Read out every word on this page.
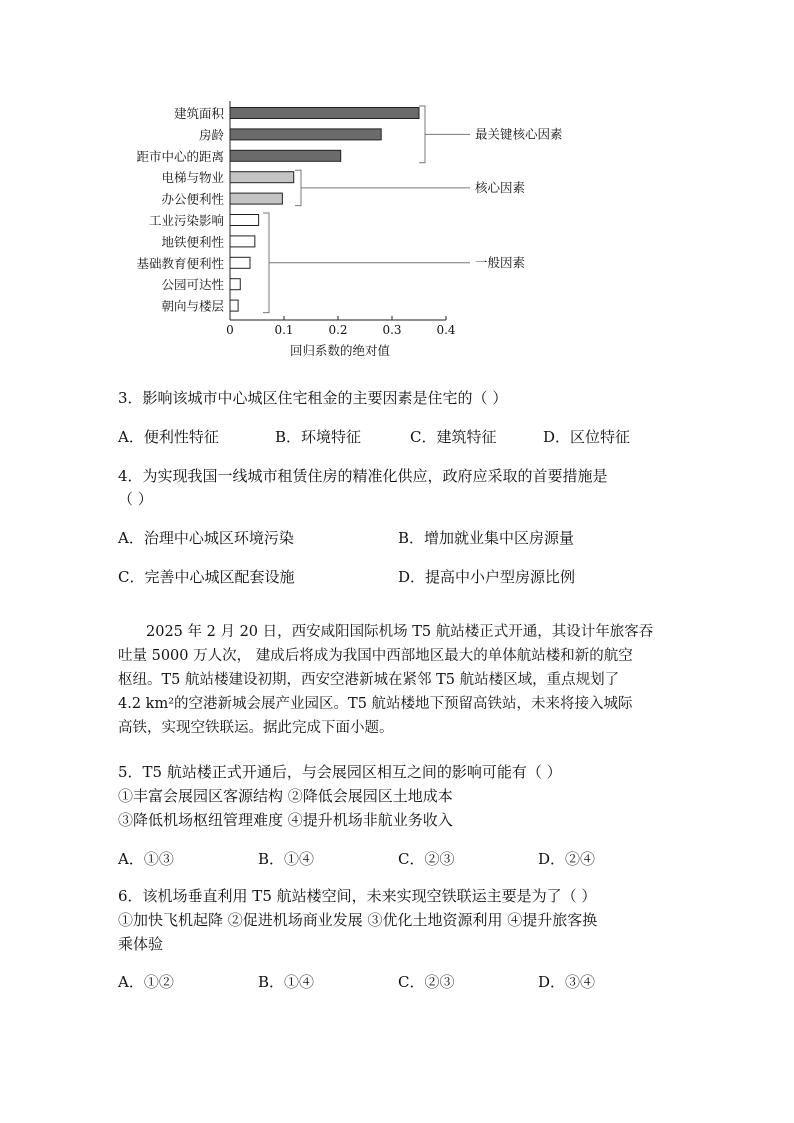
建筑面积
房龄
距市中心的距离
电梯与物业
办公便利性
工业污染影响
地铁便利性
基础教育便利性
公园可达性
朝向与楼层
0	0.1	0.2	0.3	0.4
回归系数的绝对值
最关键核心因素
核心因素
一般因素
3．影响该城市中心城区住宅租金的主要因素是住宅的（ ）
A．便利性特征	B．环境特征	C．建筑特征	D．区位特征
4．为实现我国一线城市租赁住房的精准化供应，政府应采取的首要措施是
（ ）
A．治理中心城区环境污染	B．增加就业集中区房源量
C．完善中心城区配套设施	D．提高中小户型房源比例
2025 年 2 月 20 日，西安咸阳国际机场 T5 航站楼正式开通，其设计年旅客吞
吐量 5000 万人次， 建成后将成为我国中西部地区最大的单体航站楼和新的航空
枢纽。T5 航站楼建设初期，西安空港新城在紧邻 T5 航站楼区域，重点规划了
4.2 km²的空港新城会展产业园区。T5 航站楼地下预留高铁站，未来将接入城际
高铁，实现空铁联运。据此完成下面小题。
5．T5 航站楼正式开通后，与会展园区相互之间的影响可能有（ ）
①丰富会展园区客源结构 ②降低会展园区土地成本
③降低机场枢纽管理难度 ④提升机场非航业务收入
A．①③	B．①④	C．②③	D．②④
6．该机场垂直利用 T5 航站楼空间，未来实现空铁联运主要是为了（ ）
①加快飞机起降 ②促进机场商业发展 ③优化土地资源利用 ④提升旅客换
乘体验
A．①②	B．①④	C．②③	D．③④
